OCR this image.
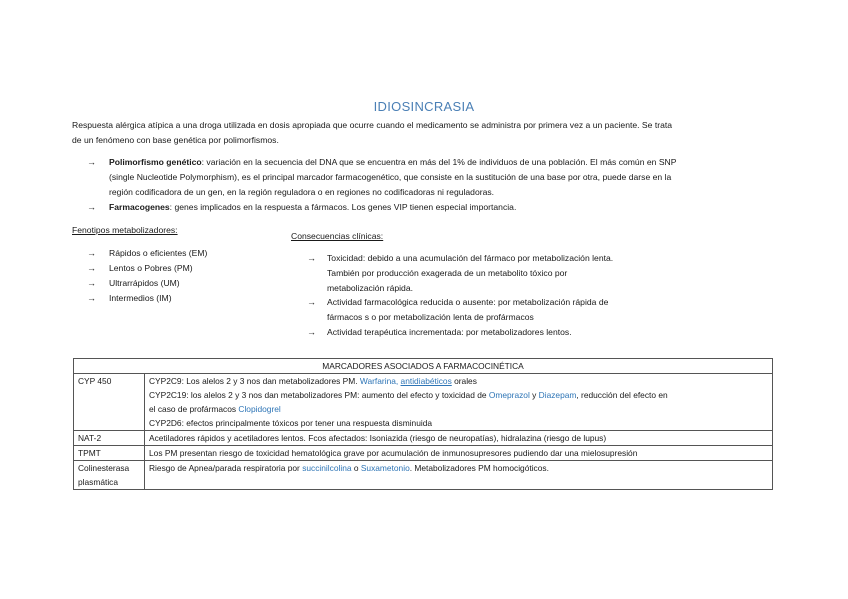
IDIOSINCRASIA
Respuesta alérgica atípica a una droga utilizada en dosis apropiada que ocurre cuando el medicamento se administra por primera vez a un paciente. Se trata
de un fenómeno con base genética por polimorfismos.
→ Polimorfismo genético: variación en la secuencia del DNA que se encuentra en más del 1% de individuos de una población. El más común en SNP
(single Nucleotide Polymorphism), es el principal marcador farmacogenético, que consiste en la sustitución de una base por otra, puede darse en la
región codificadora de un gen, en la región reguladora o en regiones no codificadoras ni reguladoras.
→ Farmacogenes: genes implicados en la respuesta a fármacos. Los genes VIP tienen especial importancia.
Fenotipos metabolizadores:
→ Rápidos o eficientes (EM)
→ Lentos o Pobres (PM)
→ Ultrarrápidos (UM)
→ Intermedios (IM)
Consecuencias clínicas:
→ Toxicidad: debido a una acumulación del fármaco por metabolización lenta.
También por producción exagerada de un metabolito tóxico por
metabolización rápida.
→ Actividad farmacológica reducida o ausente: por metabolización rápida de
fármacos s o por metabolización lenta de profármacos
→ Actividad terapéutica incrementada: por metabolizadores lentos.
MARCADORES ASOCIADOS A FARMACOCINÉTICA	
CYP 450	CYP2C9: Los alelos 2 y 3 nos dan metabolizadores PM. Warfarina, antidiabéticos orales
CYP2C19: los alelos 2 y 3 nos dan metabolizadores PM: aumento del efecto y toxicidad de Omeprazol y Diazepam, reducción del efecto en
el caso de profármacos Clopidogrel
CYP2D6: efectos principalmente tóxicos por tener una respuesta disminuida

NAT-2	Acetiladores rápidos y acetiladores lentos. Fcos afectados: Isoniazida (riesgo de neuropatías), hidralazina (riesgo de lupus)
TPMT	Los PM presentan riesgo de toxicidad hematológica grave por acumulación de inmunosupresores pudiendo dar una mielosupresión

Colinesterasa
plasmática	Riesgo de Apnea/parada respiratoria por succinilcolina o Suxametonio. Metabolizadores PM homocigóticos.
